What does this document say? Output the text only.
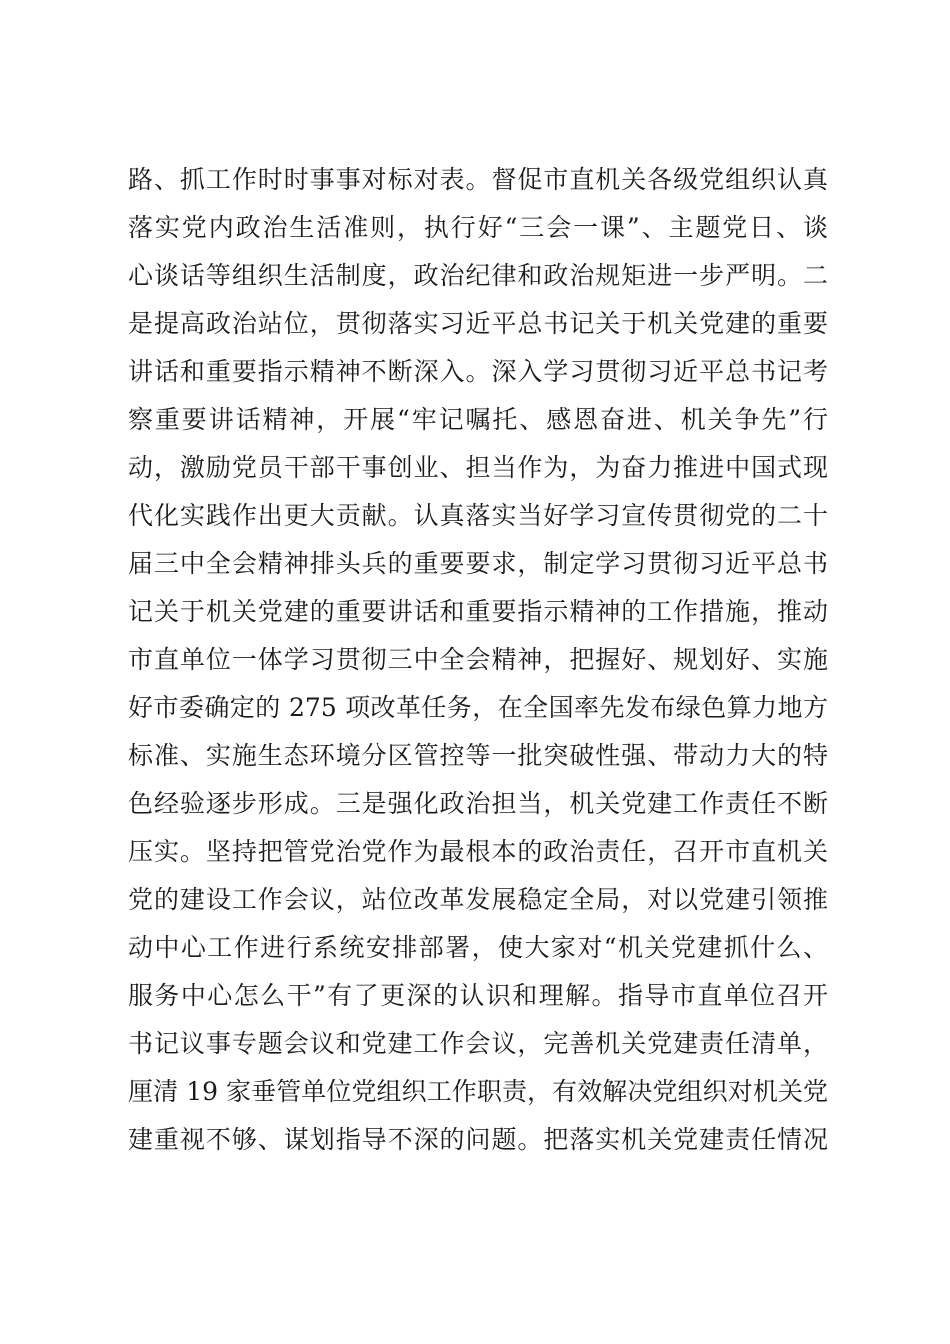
路、抓工作时时事事对标对表。督促市直机关各级党组织认真
落实党内政治生活准则，执行好“三会一课”、主题党日、谈
心谈话等组织生活制度，政治纪律和政治规矩进一步严明。二
是提高政治站位，贯彻落实习近平总书记关于机关党建的重要
讲话和重要指示精神不断深入。深入学习贯彻习近平总书记考
察重要讲话精神，开展“牢记嘱托、感恩奋进、机关争先”行
动，激励党员干部干事创业、担当作为，为奋力推进中国式现
代化实践作出更大贡献。认真落实当好学习宣传贯彻党的二十
届三中全会精神排头兵的重要要求，制定学习贯彻习近平总书
记关于机关党建的重要讲话和重要指示精神的工作措施，推动
市直单位一体学习贯彻三中全会精神，把握好、规划好、实施
好市委确定的 275 项改革任务，在全国率先发布绿色算力地方
标准、实施生态环境分区管控等一批突破性强、带动力大的特
色经验逐步形成。三是强化政治担当，机关党建工作责任不断
压实。坚持把管党治党作为最根本的政治责任，召开市直机关
党的建设工作会议，站位改革发展稳定全局，对以党建引领推
动中心工作进行系统安排部署，使大家对“机关党建抓什么、
服务中心怎么干”有了更深的认识和理解。指导市直单位召开
书记议事专题会议和党建工作会议，完善机关党建责任清单，
厘清 19 家垂管单位党组织工作职责，有效解决党组织对机关党
建重视不够、谋划指导不深的问题。把落实机关党建责任情况
